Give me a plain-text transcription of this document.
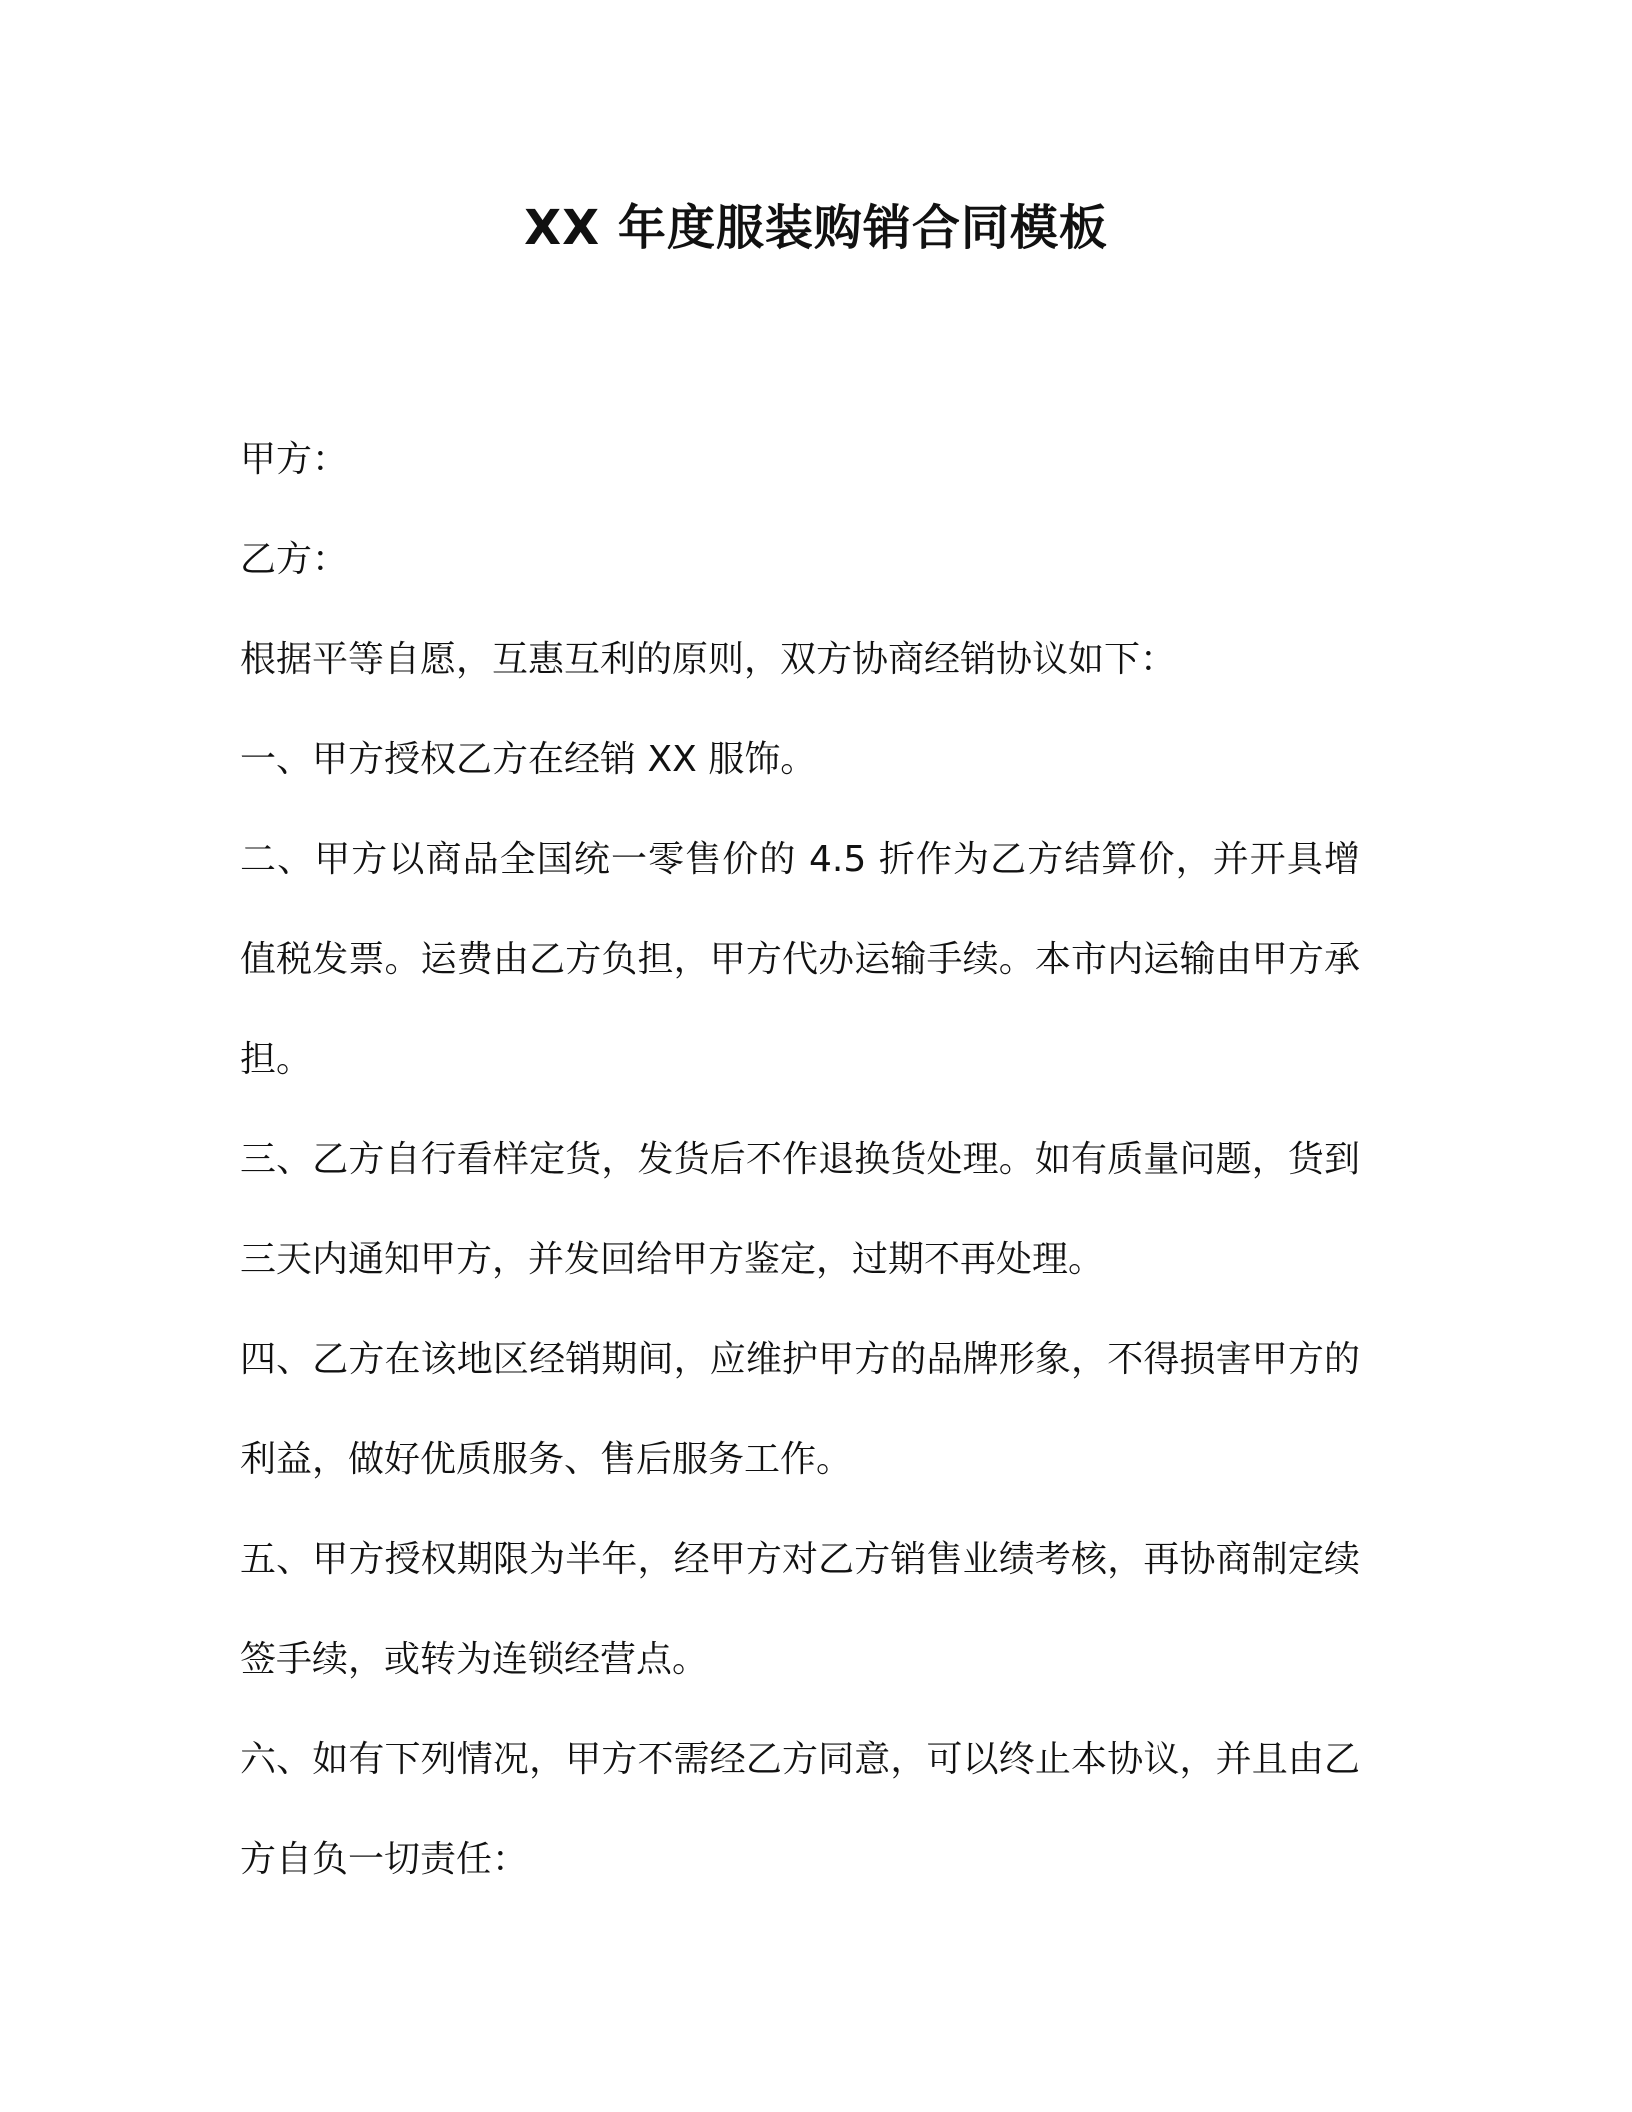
XX 年度服装购销合同模板

甲方：

乙方：

根据平等自愿，互惠互利的原则，双方协商经销协议如下：

一、甲方授权乙方在经销 XX 服饰。

二、甲方以商品全国统一零售价的 4.5 折作为乙方结算价，并开具增值税发票。运费由乙方负担，甲方代办运输手续。本市内运输由甲方承担。

三、乙方自行看样定货，发货后不作退换货处理。如有质量问题，货到三天内通知甲方，并发回给甲方鉴定，过期不再处理。

四、乙方在该地区经销期间，应维护甲方的品牌形象，不得损害甲方的利益，做好优质服务、售后服务工作。

五、甲方授权期限为半年，经甲方对乙方销售业绩考核，再协商制定续签手续，或转为连锁经营点。

六、如有下列情况，甲方不需经乙方同意，可以终止本协议，并且由乙方自负一切责任：
